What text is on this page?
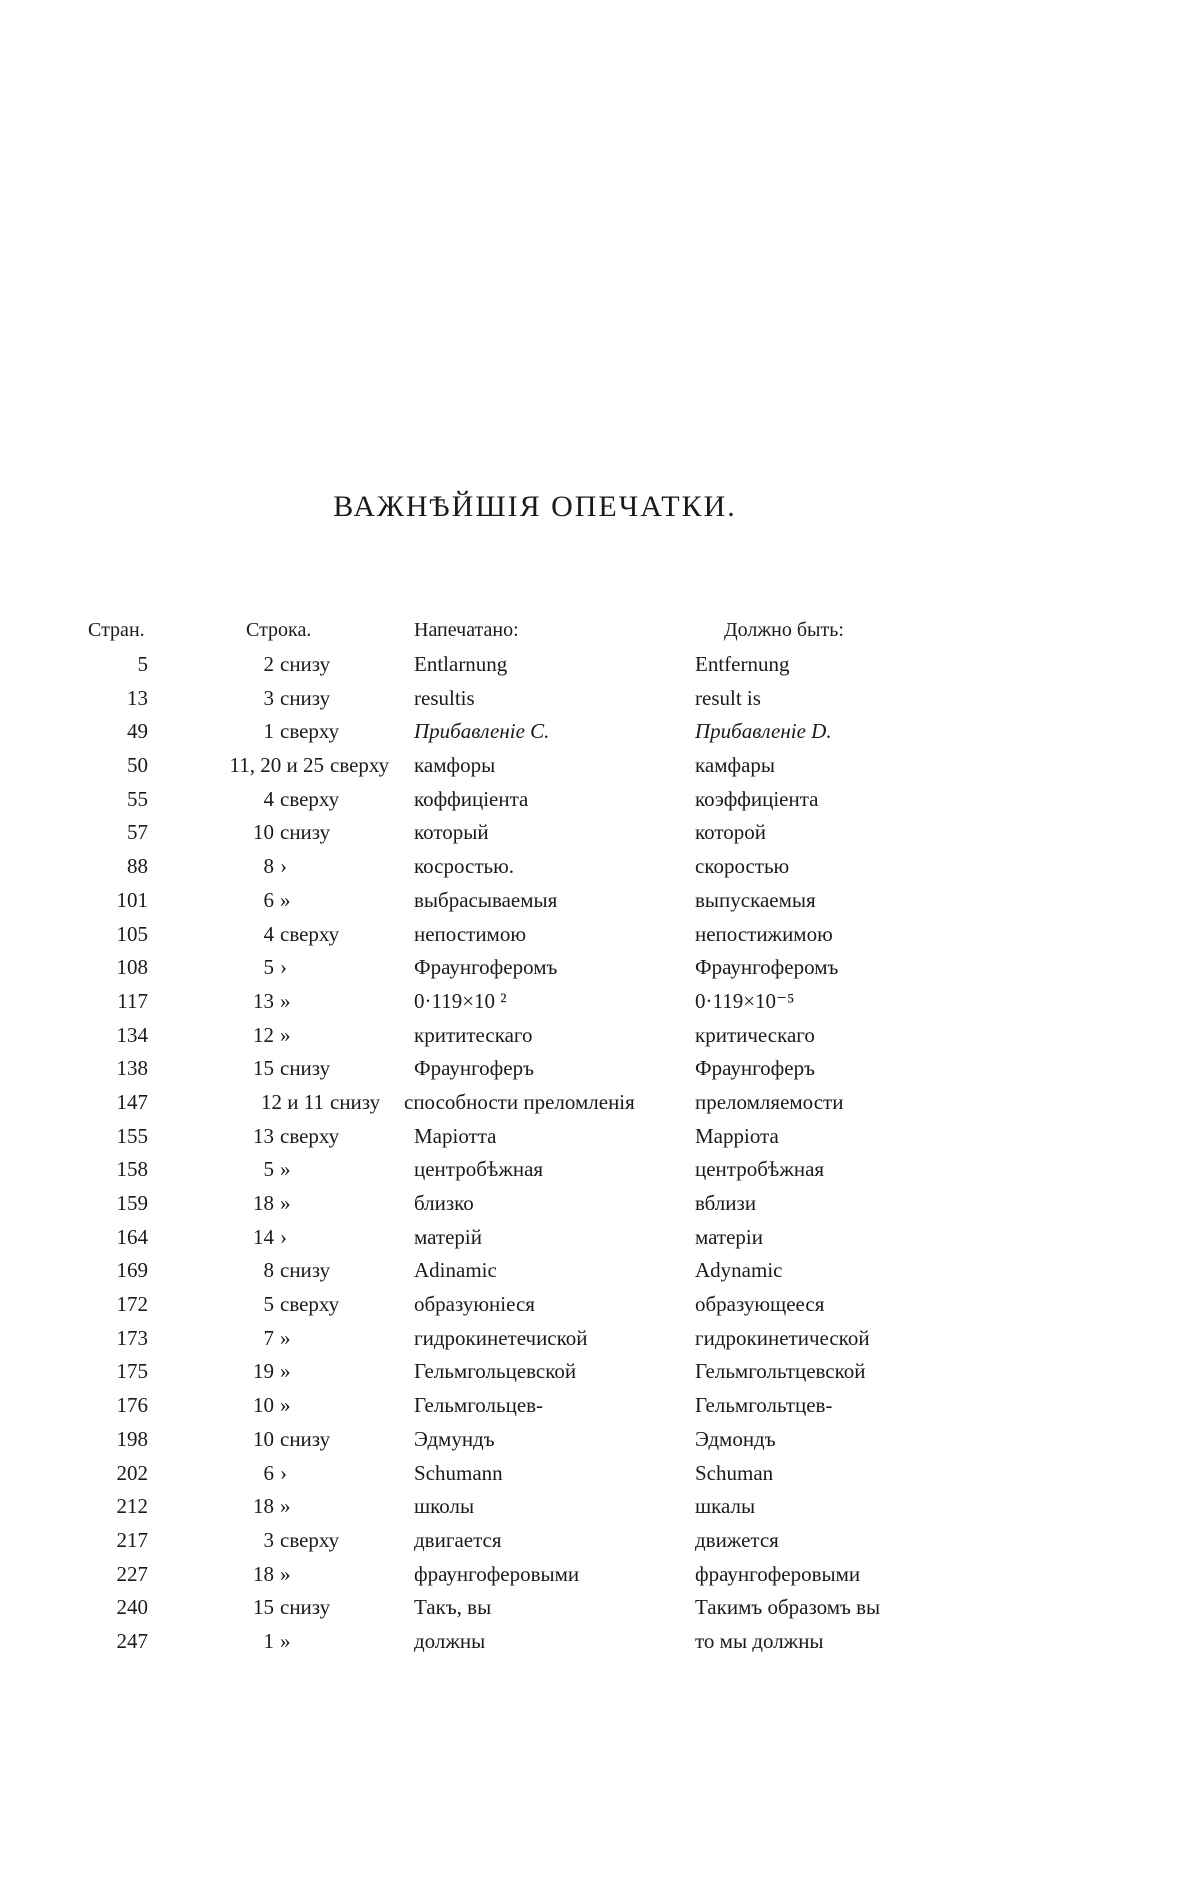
ВАЖНѢЙШІЯ ОПЕЧАТКИ.
Стран.	Строка.	Напечатано:	Должно быть:
5	2 снизу	Entlarnung	Entfernung
13	3 снизу	resultis	result is
49	1 сверху	Прибавленіе С.	Прибавленіе D.
50	11, 20 и 25 сверху	камфоры	камфары
55	4 сверху	коффиціента	коэффиціента
57	10 снизу	который	которой
88	8 ›	косростью.	скоростью
101	6 »	выбрасываемыя	выпускаемыя
105	4 сверху	непостимою	непостижимою
108	5 ›	Фраунгоферомъ	Фраунгоферомъ
117	13 »	0·119×10 ²	0·119×10⁻⁵
134	12 »	крититескаго	критическаго
138	15 снизу	Фраунгоферъ	Фраунгоферъ
147	12 и 11 снизу	способности преломленія	преломляемости
155	13 сверху	Маріотта	Марріота
158	5 »	центробѣжная	центробѣжная
159	18 »	близко	вблизи
164	14 ›	матерій	матеріи
169	8 снизу	Adinamic	Adynamic
172	5 сверху	образуюніеся	образующееся
173	7 »	гидрокинетечиской	гидрокинетической
175	19 »	Гельмгольцевской	Гельмгольтцевской
176	10 »	Гельмгольцев-	Гельмгольтцев-
198	10 снизу	Эдмундъ	Эдмондъ
202	6 ›	Schumann	Schuman
212	18 »	школы	шкалы
217	3 сверху	двигается	движется
227	18 »	фраунгоферовыми	фраунгоферовыми
240	15 снизу	Такъ, вы	Такимъ образомъ вы
247	1 »	должны	то мы должны
